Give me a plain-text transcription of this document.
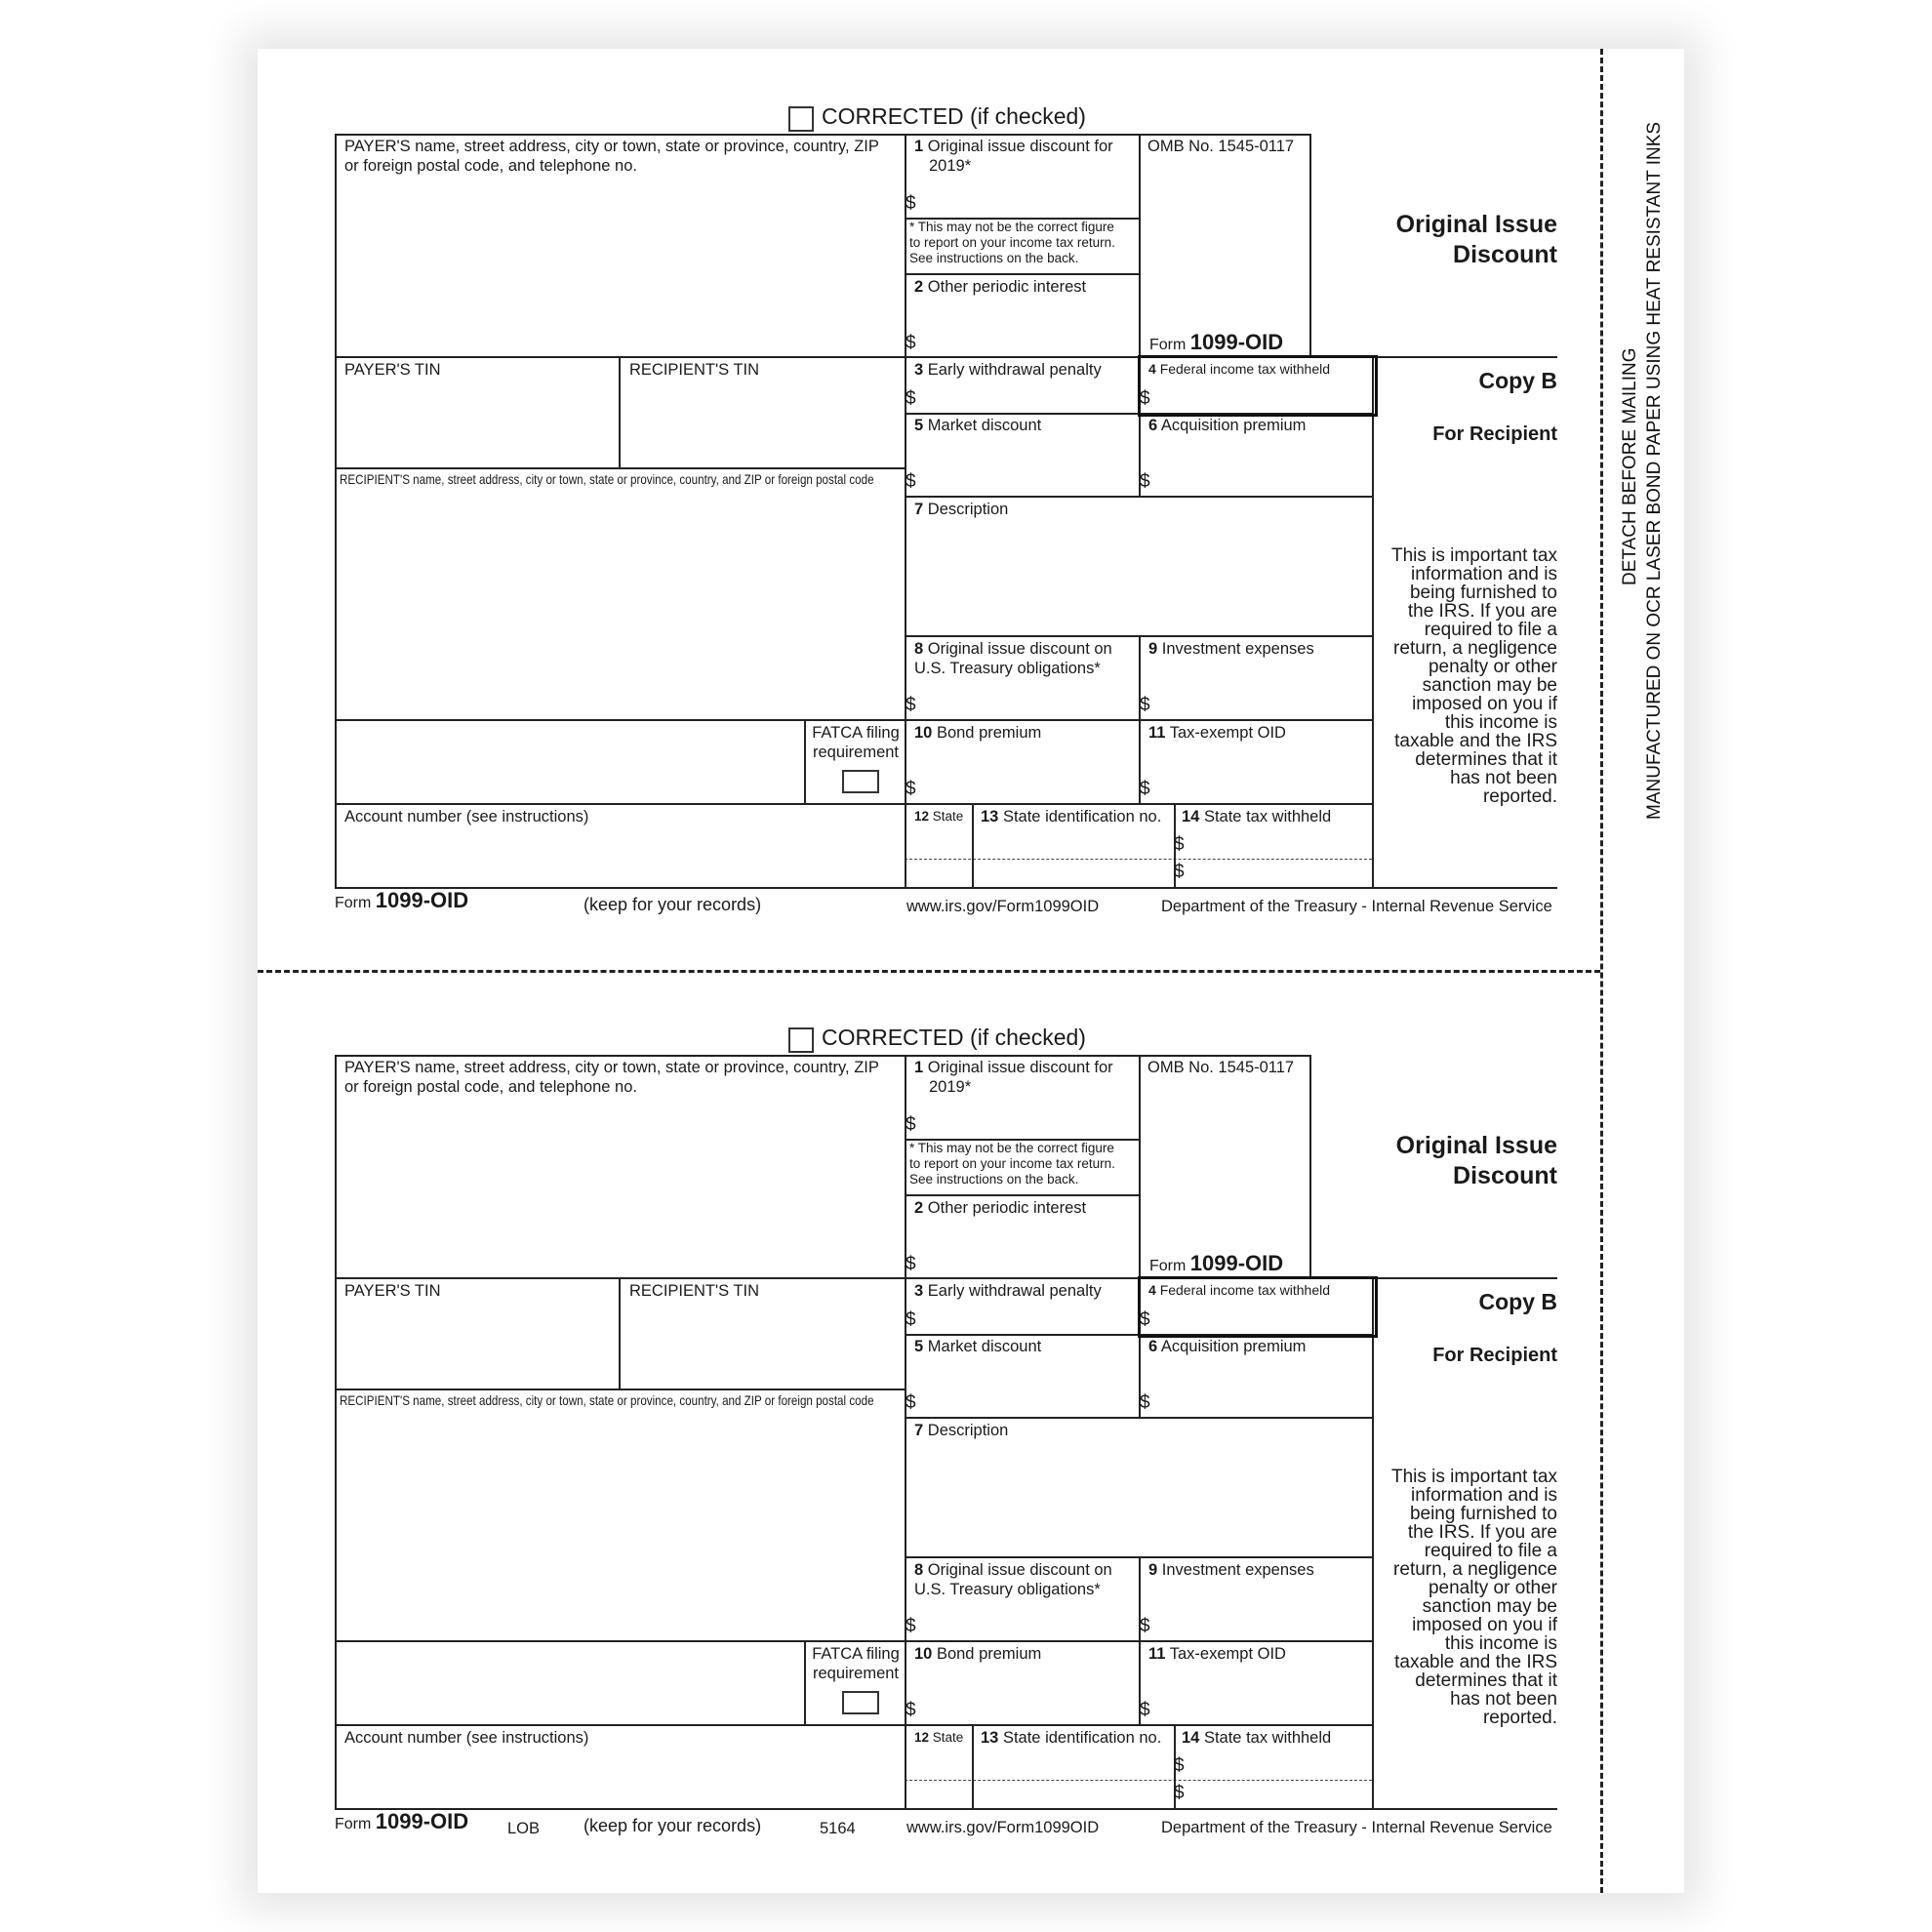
DETACH BEFORE MAILING MANUFACTURED ON OCR LASER BOND PAPER USING HEAT RESISTANT INKS
CORRECTED (if checked)
PAYER'S name, street address, city or town, state or province, country, ZIP
or foreign postal code, and telephone no.
1 Original issue discount for
2019*
$
* This may not be the correct figure
to report on your income tax return.
See instructions on the back.
OMB No. 1545-0117
Form 1099-OID
Original Issue
Discount
2 Other periodic interest
$
PAYER'S TIN	RECIPIENT'S TIN	3 Early withdrawal penalty
$
4 Federal income tax withheld
$
Copy B
For Recipient
5 Market discount
$
6 Acquisition premium
$
RECIPIENT'S name, street address, city or town, state or province, country, and ZIP or foreign postal code
7 Description
This is important tax
information and is
being furnished to
the IRS. If you are
required to file a
return, a negligence
penalty or other
sanction may be
imposed on you if
this income is
taxable and the IRS
determines that it
has not been
reported.
8 Original issue discount on
U.S. Treasury obligations*
$
9 Investment expenses
$
FATCA filing
requirement
10 Bond premium
$
11 Tax-exempt OID
$
Account number (see instructions)	12 State 13 State identification no. 14 State tax withheld
$
$
Form 1099-OID	(keep for your records)	www.irs.gov/Form1099OID	Department of the Treasury - Internal Revenue Service
CORRECTED (if checked)
PAYER'S name, street address, city or town, state or province, country, ZIP
or foreign postal code, and telephone no.
1 Original issue discount for
2019*
$
* This may not be the correct figure
to report on your income tax return.
See instructions on the back.
OMB No. 1545-0117
Form 1099-OID
Original Issue
Discount
2 Other periodic interest
$
PAYER'S TIN	RECIPIENT'S TIN	3 Early withdrawal penalty
$
4 Federal income tax withheld
$
Copy B
For Recipient
5 Market discount
$
6 Acquisition premium
$
RECIPIENT'S name, street address, city or town, state or province, country, and ZIP or foreign postal code
7 Description
This is important tax
information and is
being furnished to
the IRS. If you are
required to file a
return, a negligence
penalty or other
sanction may be
imposed on you if
this income is
taxable and the IRS
determines that it
has not been
reported.
8 Original issue discount on
U.S. Treasury obligations*
$
9 Investment expenses
$
FATCA filing
requirement
10 Bond premium
$
11 Tax-exempt OID
$
Account number (see instructions)	12 State 13 State identification no. 14 State tax withheld
$
$
Form 1099-OID LOB (keep for your records)	5164	www.irs.gov/Form1099OID	Department of the Treasury - Internal Revenue Service
